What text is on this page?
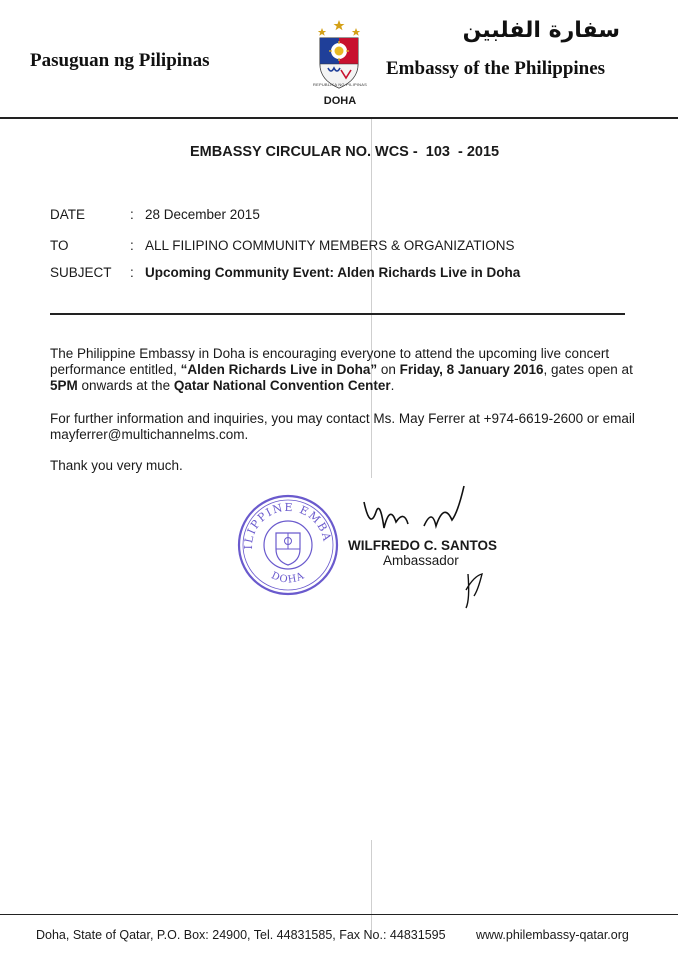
Pasuguan ng Pilipinas
REPUBLIKA NG PILIPINAS
DOHA
سفارة الفلبين
Embassy of the Philippines
EMBASSY CIRCULAR NO. WCS - 103 - 2015
DATE	: 28 December 2015
TO	: ALL FILIPINO COMMUNITY MEMBERS & ORGANIZATIONS
SUBJECT : Upcoming Community Event: Alden Richards Live in Doha
The Philippine Embassy in Doha is encouraging everyone to attend the upcoming live concert performance entitled, “Alden Richards Live in Doha” on Friday, 8 January 2016, gates open at 5PM onwards at the Qatar National Convention Center.
For further information and inquiries, you may contact Ms. May Ferrer at +974-6619-2600 or email mayferrer@multichannelms.com.
Thank you very much.
ILIPPINE EMBA
DOHA
WILFREDO C. SANTOS
Ambassador
Doha, State of Qatar, P.O. Box: 24900, Tel. 44831585, Fax No.: 44831595 www.philembassy-qatar.org
